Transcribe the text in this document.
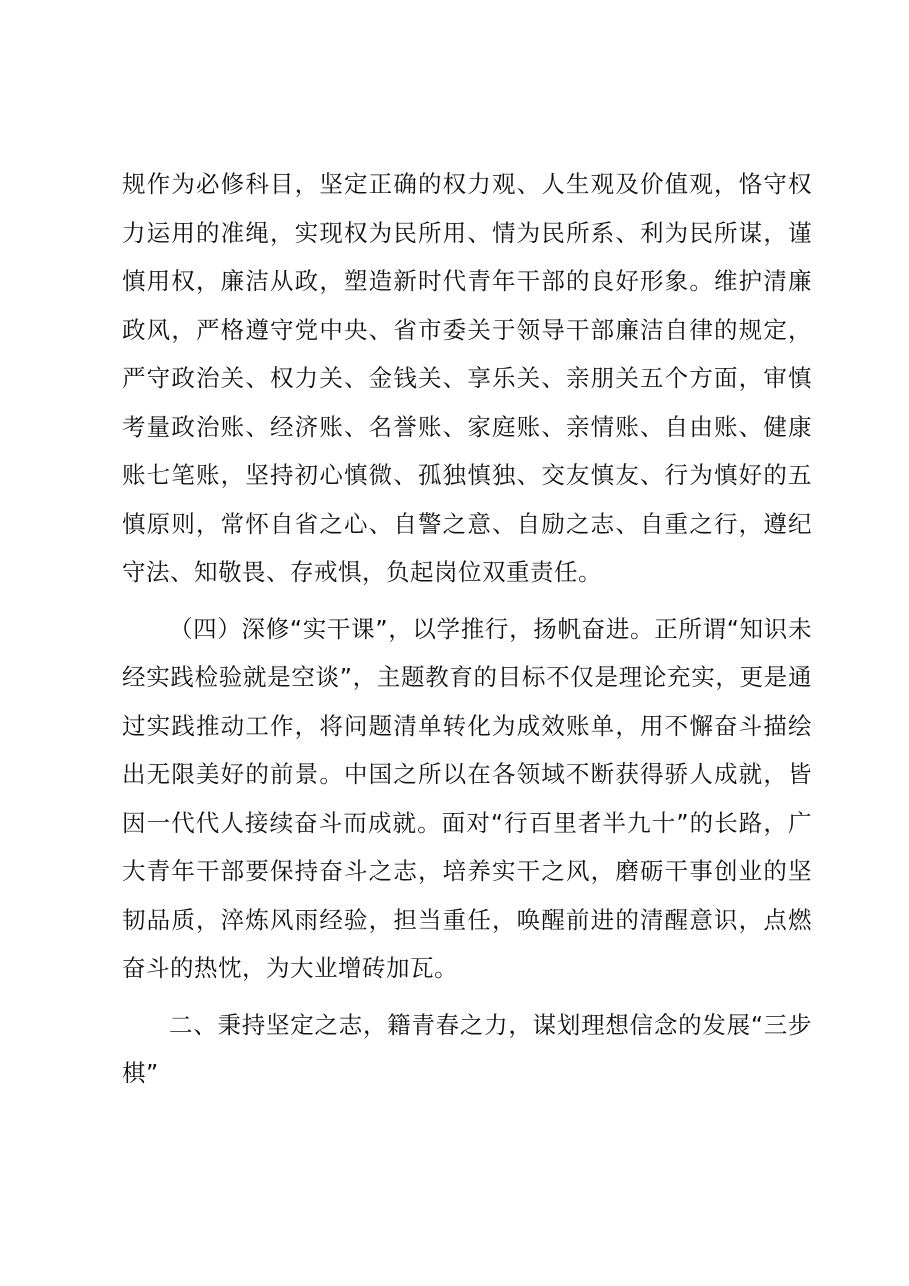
规作为必修科目，坚定正确的权力观、人生观及价值观，恪守权力运用的准绳，实现权为民所用、情为民所系、利为民所谋，谨慎用权，廉洁从政，塑造新时代青年干部的良好形象。维护清廉政风，严格遵守党中央、省市委关于领导干部廉洁自律的规定，严守政治关、权力关、金钱关、享乐关、亲朋关五个方面，审慎考量政治账、经济账、名誉账、家庭账、亲情账、自由账、健康账七笔账，坚持初心慎微、孤独慎独、交友慎友、行为慎好的五慎原则，常怀自省之心、自警之意、自励之志、自重之行，遵纪守法、知敬畏、存戒惧，负起岗位双重责任。

（四）深修“实干课”，以学推行，扬帆奋进。正所谓“知识未经实践检验就是空谈”，主题教育的目标不仅是理论充实，更是通过实践推动工作，将问题清单转化为成效账单，用不懈奋斗描绘出无限美好的前景。中国之所以在各领域不断获得骄人成就，皆因一代代人接续奋斗而成就。面对“行百里者半九十”的长路，广大青年干部要保持奋斗之志，培养实干之风，磨砺干事创业的坚韧品质，淬炼风雨经验，担当重任，唤醒前进的清醒意识，点燃奋斗的热忱，为大业增砖加瓦。

二、秉持坚定之志，籍青春之力，谋划理想信念的发展“三步棋”
